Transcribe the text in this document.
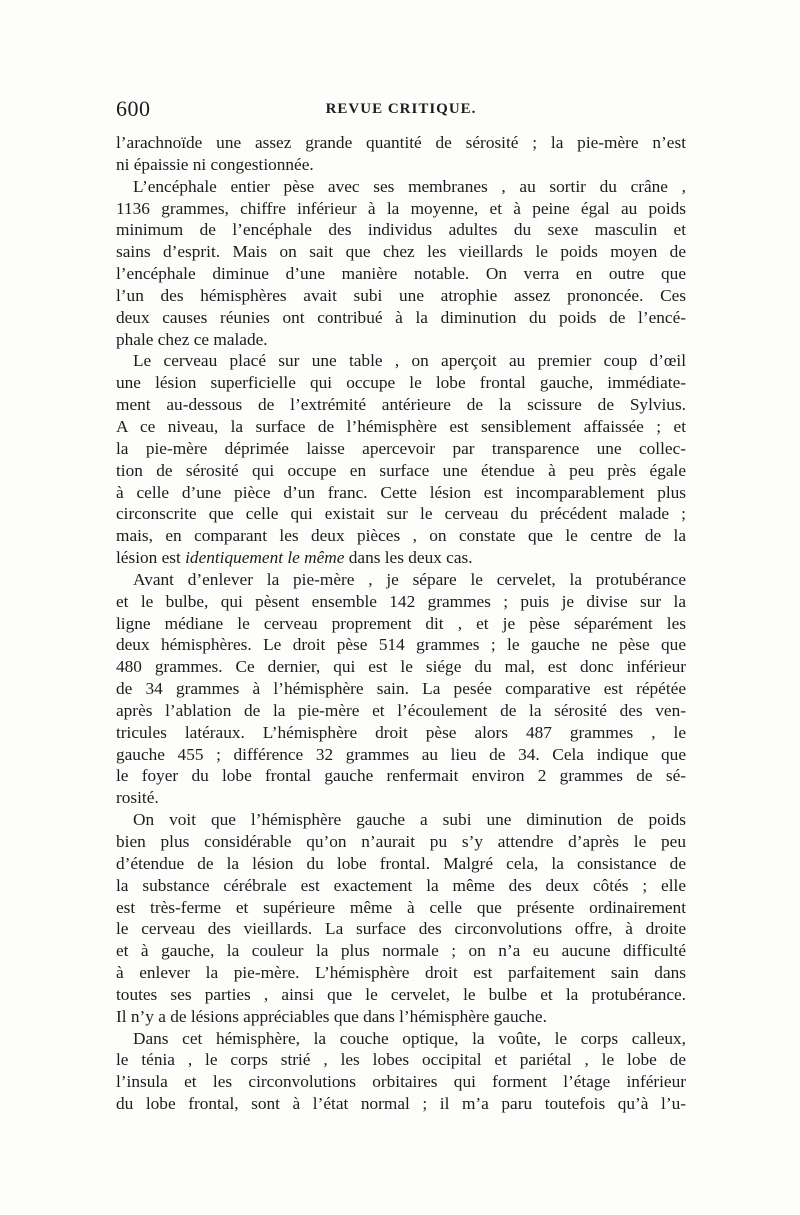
600	REVUE CRITIQUE.

l’arachnoïde une assez grande quantité de sérosité ; la pie-mère n’est
ni épaissie ni congestionnée.

L’encéphale entier pèse avec ses membranes , au sortir du crâne ,
1136 grammes, chiffre inférieur à la moyenne, et à peine égal au poids
minimum de l’encéphale des individus adultes du sexe masculin et
sains d’esprit. Mais on sait que chez les vieillards le poids moyen de
l’encéphale diminue d’une manière notable. On verra en outre que
l’un des hémisphères avait subi une atrophie assez prononcée. Ces
deux causes réunies ont contribué à la diminution du poids de l’encé-
phale chez ce malade.

Le cerveau placé sur une table , on aperçoit au premier coup d’œil
une lésion superficielle qui occupe le lobe frontal gauche, immédiate-
ment au-dessous de l’extrémité antérieure de la scissure de Sylvius.
A ce niveau, la surface de l’hémisphère est sensiblement affaissée ; et
la pie-mère déprimée laisse apercevoir par transparence une collec-
tion de sérosité qui occupe en surface une étendue à peu près égale
à celle d’une pièce d’un franc. Cette lésion est incomparablement plus
circonscrite que celle qui existait sur le cerveau du précédent malade ;
mais, en comparant les deux pièces , on constate que le centre de la
lésion est identiquement le même dans les deux cas.

Avant d’enlever la pie-mère , je sépare le cervelet, la protubérance
et le bulbe, qui pèsent ensemble 142 grammes ; puis je divise sur la
ligne médiane le cerveau proprement dit , et je pèse séparément les
deux hémisphères. Le droit pèse 514 grammes ; le gauche ne pèse que
480 grammes. Ce dernier, qui est le siége du mal, est donc inférieur
de 34 grammes à l’hémisphère sain. La pesée comparative est répétée
après l’ablation de la pie-mère et l’écoulement de la sérosité des ven-
tricules latéraux. L’hémisphère droit pèse alors 487 grammes , le
gauche 455 ; différence 32 grammes au lieu de 34. Cela indique que
le foyer du lobe frontal gauche renfermait environ 2 grammes de sé-
rosité.

On voit que l’hémisphère gauche a subi une diminution de poids
bien plus considérable qu’on n’aurait pu s’y attendre d’après le peu
d’étendue de la lésion du lobe frontal. Malgré cela, la consistance de
la substance cérébrale est exactement la même des deux côtés ; elle
est très-ferme et supérieure même à celle que présente ordinairement
le cerveau des vieillards. La surface des circonvolutions offre, à droite
et à gauche, la couleur la plus normale ; on n’a eu aucune difficulté
à enlever la pie-mère. L’hémisphère droit est parfaitement sain dans
toutes ses parties , ainsi que le cervelet, le bulbe et la protubérance.
Il n’y a de lésions appréciables que dans l’hémisphère gauche.

Dans cet hémisphère, la couche optique, la voûte, le corps calleux,
le ténia , le corps strié , les lobes occipital et pariétal , le lobe de
l’insula et les circonvolutions orbitaires qui forment l’étage inférieur
du lobe frontal, sont à l’état normal ; il m’a paru toutefois qu’à l’u-
